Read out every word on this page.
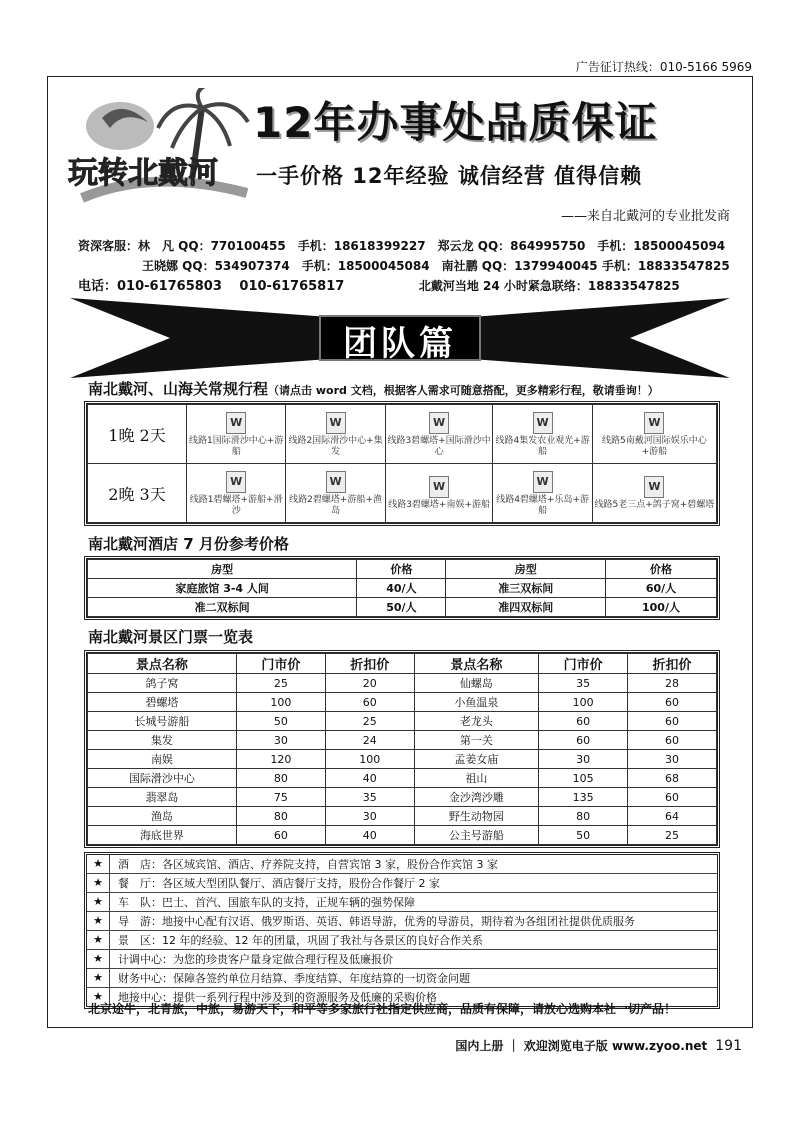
广告征订热线：010-5166 5969
玩转北戴河
12年办事处品质保证
一手价格 12年经验 诚信经营 值得信赖
——来自北戴河的专业批发商
资深客服：林　凡 QQ：770100455　手机：18618399227　郑云龙 QQ：864995750　手机：18500045094
王晓娜 QQ：534907374　手机：18500045084　南社鹏 QQ：1379940045 手机：18833547825
电话：010-61765803　 010-61765817	北戴河当地 24 小时紧急联络：18833547825
团队篇
南北戴河、山海关常规行程（请点击 word 文档，根据客人需求可随意搭配，更多精彩行程，敬请垂询！）
1晚 2天	W
线路1国际滑沙中心+游船	W
线路2国际滑沙中心+集发	W
线路3碧螺塔+国际滑沙中心	W
线路4集发农业观光+游船	W
线路5南戴河国际娱乐中心+游船

2晚 3天	W
线路1碧螺塔+游船+滑沙	W
线路2碧螺塔+游船+渔岛	W
线路3碧螺塔+南娱+游船	W
线路4碧螺塔+乐岛+游船	W
线路5老三点+鸽子窝+碧螺塔
南北戴河酒店 7 月份参考价格
房型	价格	房型	价格
家庭旅馆 3-4 人间	40/人	准三双标间	60/人
准二双标间	50/人	准四双标间	100/人
南北戴河景区门票一览表
景点名称	门市价	折扣价	景点名称	门市价	折扣价
鸽子窝	25	20	仙螺岛	35	28
碧螺塔	100	60	小鱼温泉	100	60
长城号游船	50	25	老龙头	60	60
集发	30	24	第一关	60	60
南娱	120	100	孟姜女庙	30	30
国际滑沙中心	80	40	祖山	105	68
翡翠岛	75	35	金沙湾沙雕	135	60
渔岛	80	30	野生动物园	80	64
海底世界	60	40	公主号游船	50	25
★	酒　店：各区域宾馆、酒店、疗养院支持，自营宾馆 3 家，股份合作宾馆 3 家
★	餐　厅：各区域大型团队餐厅、酒店餐厅支持，股份合作餐厅 2 家
★	车　队：巴士、首汽、国旅车队的支持，正规车辆的强势保障
★	导　游：地接中心配有汉语、俄罗斯语、英语、韩语导游，优秀的导游员，期待着为各组团社提供优质服务
★	景　区：12 年的经验、12 年的团量，巩固了我社与各景区的良好合作关系
★	计调中心：为您的珍贵客户量身定做合理行程及低廉报价
★	财务中心：保障各签约单位月结算、季度结算、年度结算的一切资金问题
★	地接中心：提供一系列行程中涉及到的资源服务及低廉的采购价格
北京途牛，北青旅，中旅，易游天下，和平等多家旅行社指定供应商，品质有保障，请放心选购本社一切产品！
国内上册 ｜ 欢迎浏览电子版 www.zyoo.net 191
